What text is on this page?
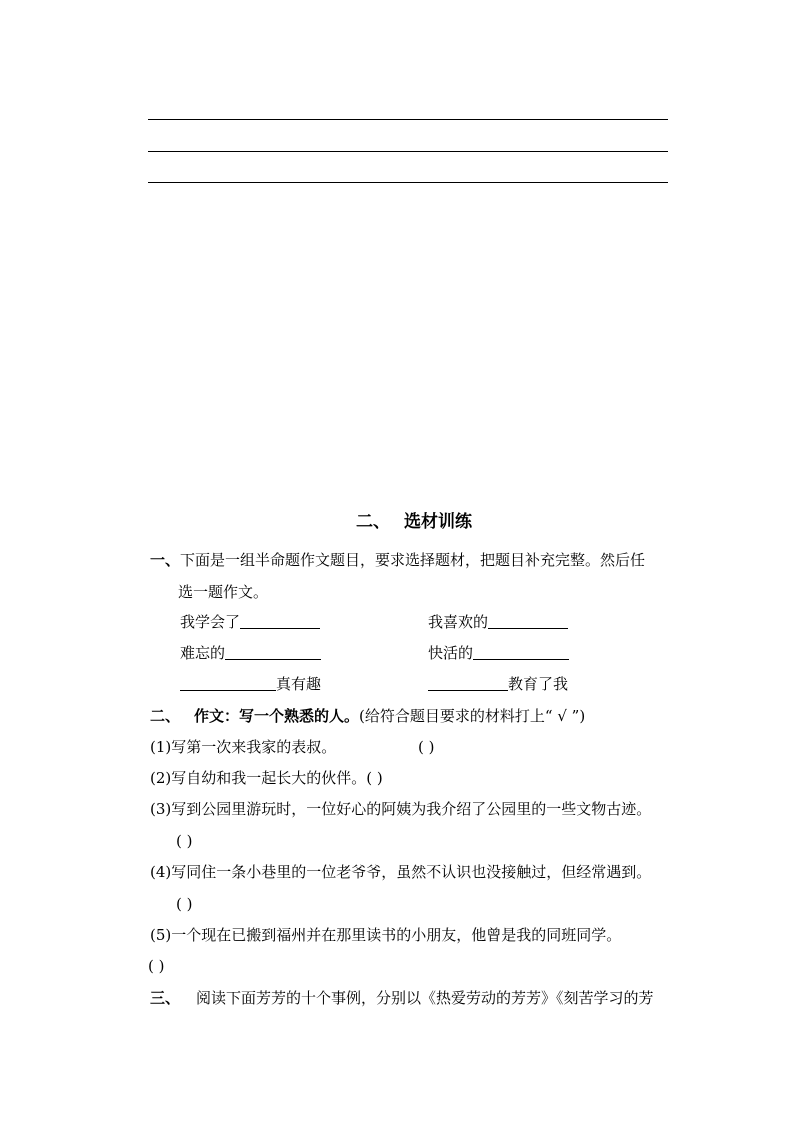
二、 选材训练
一、下面是一组半命题作文题目，要求选择题材，把题目补充完整。然后任
选一题作文。
我学会了	我喜欢的
难忘的	快活的
真有趣	教育了我
二、 作文：写一个熟悉的人。(给符合题目要求的材料打上“ √ ”)
(1)写第一次来我家的表叔。	( )
(2)写自幼和我一起长大的伙伴。( )
(3)写到公园里游玩时，一位好心的阿姨为我介绍了公园里的一些文物古迹。
( )
(4)写同住一条小巷里的一位老爷爷，虽然不认识也没接触过，但经常遇到。
( )
(5)一个现在已搬到福州并在那里读书的小朋友，他曾是我的同班同学。
( )
三、 阅读下面芳芳的十个事例，分别以《热爱劳动的芳芳》《刻苦学习的芳
